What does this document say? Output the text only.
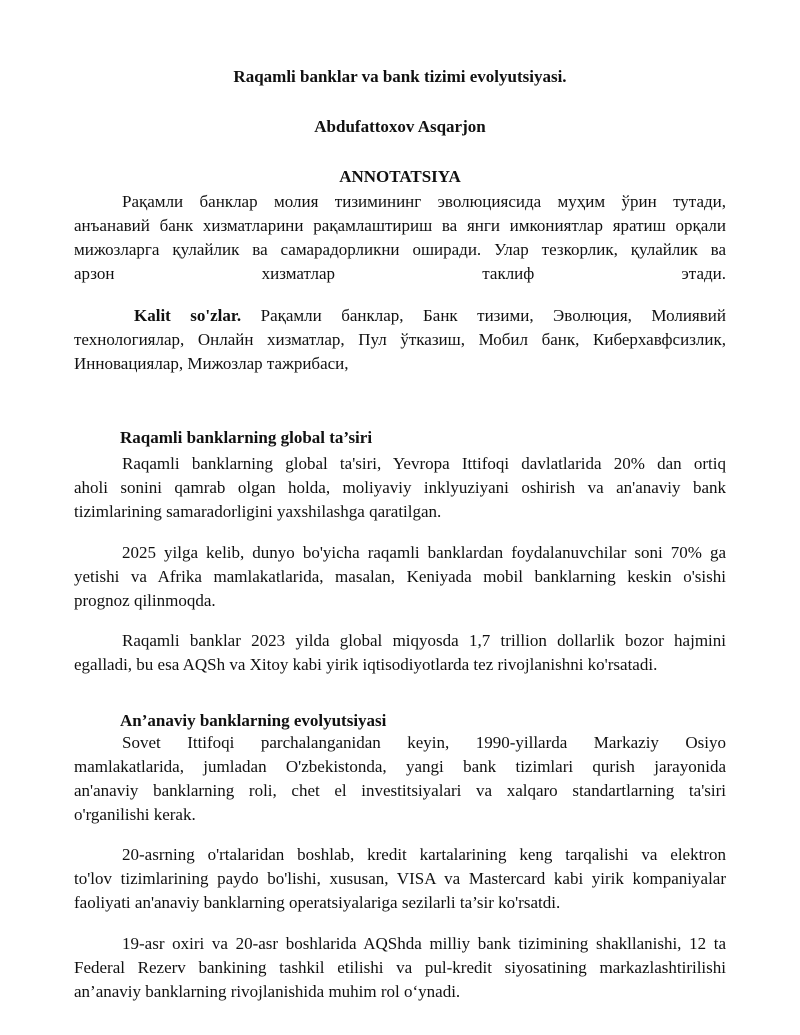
Raqamli banklar va bank tizimi evolyutsiyasi.
Abdufattoxov Asqarjon
ANNOTATSIYA
Рақамли банклар молия тизимининг эволюциясида муҳим ўрин тутади,
анъанавий банк хизматларини рақамлаштириш ва янги имкониятлар яратиш орқали
мижозларга қулайлик ва самарадорликни оширади. Улар тезкорлик, қулайлик ва
арзон хизматлар таклиф этади.
Kalit so'zlar. Рақамли банклар, Банк тизими, Эволюция, Молиявий
технологиялар, Онлайн хизматлар, Пул ўтказиш, Мобил банк, Киберхавфсизлик,
Инновациялар, Мижозлар тажрибаси,
Raqamli banklarning global ta’siri
Raqamli banklarning global ta'siri, Yevropa Ittifoqi davlatlarida 20% dan ortiq
aholi sonini qamrab olgan holda, moliyaviy inklyuziyani oshirish va an'anaviy bank
tizimlarining samaradorligini yaxshilashga qaratilgan.
2025 yilga kelib, dunyo bo'yicha raqamli banklardan foydalanuvchilar soni 70% ga
yetishi va Afrika mamlakatlarida, masalan, Keniyada mobil banklarning keskin o'sishi
prognoz qilinmoqda.
Raqamli banklar 2023 yilda global miqyosda 1,7 trillion dollarlik bozor hajmini
egalladi, bu esa AQSh va Xitoy kabi yirik iqtisodiyotlarda tez rivojlanishni ko'rsatadi.
An’anaviy banklarning evolyutsiyasi
Sovet Ittifoqi parchalanganidan keyin, 1990-yillarda Markaziy Osiyo
mamlakatlarida, jumladan O'zbekistonda, yangi bank tizimlari qurish jarayonida
an'anaviy banklarning roli, chet el investitsiyalari va xalqaro standartlarning ta'siri
o'rganilishi kerak.
20-asrning o'rtalaridan boshlab, kredit kartalarining keng tarqalishi va elektron
to'lov tizimlarining paydo bo'lishi, xususan, VISA va Mastercard kabi yirik kompaniyalar
faoliyati an'anaviy banklarning operatsiyalariga sezilarli ta’sir ko'rsatdi.
19-asr oxiri va 20-asr boshlarida AQShda milliy bank tizimining shakllanishi, 12 ta
Federal Rezerv bankining tashkil etilishi va pul-kredit siyosatining markazlashtirilishi
an’anaviy banklarning rivojlanishida muhim rol o‘ynadi.
